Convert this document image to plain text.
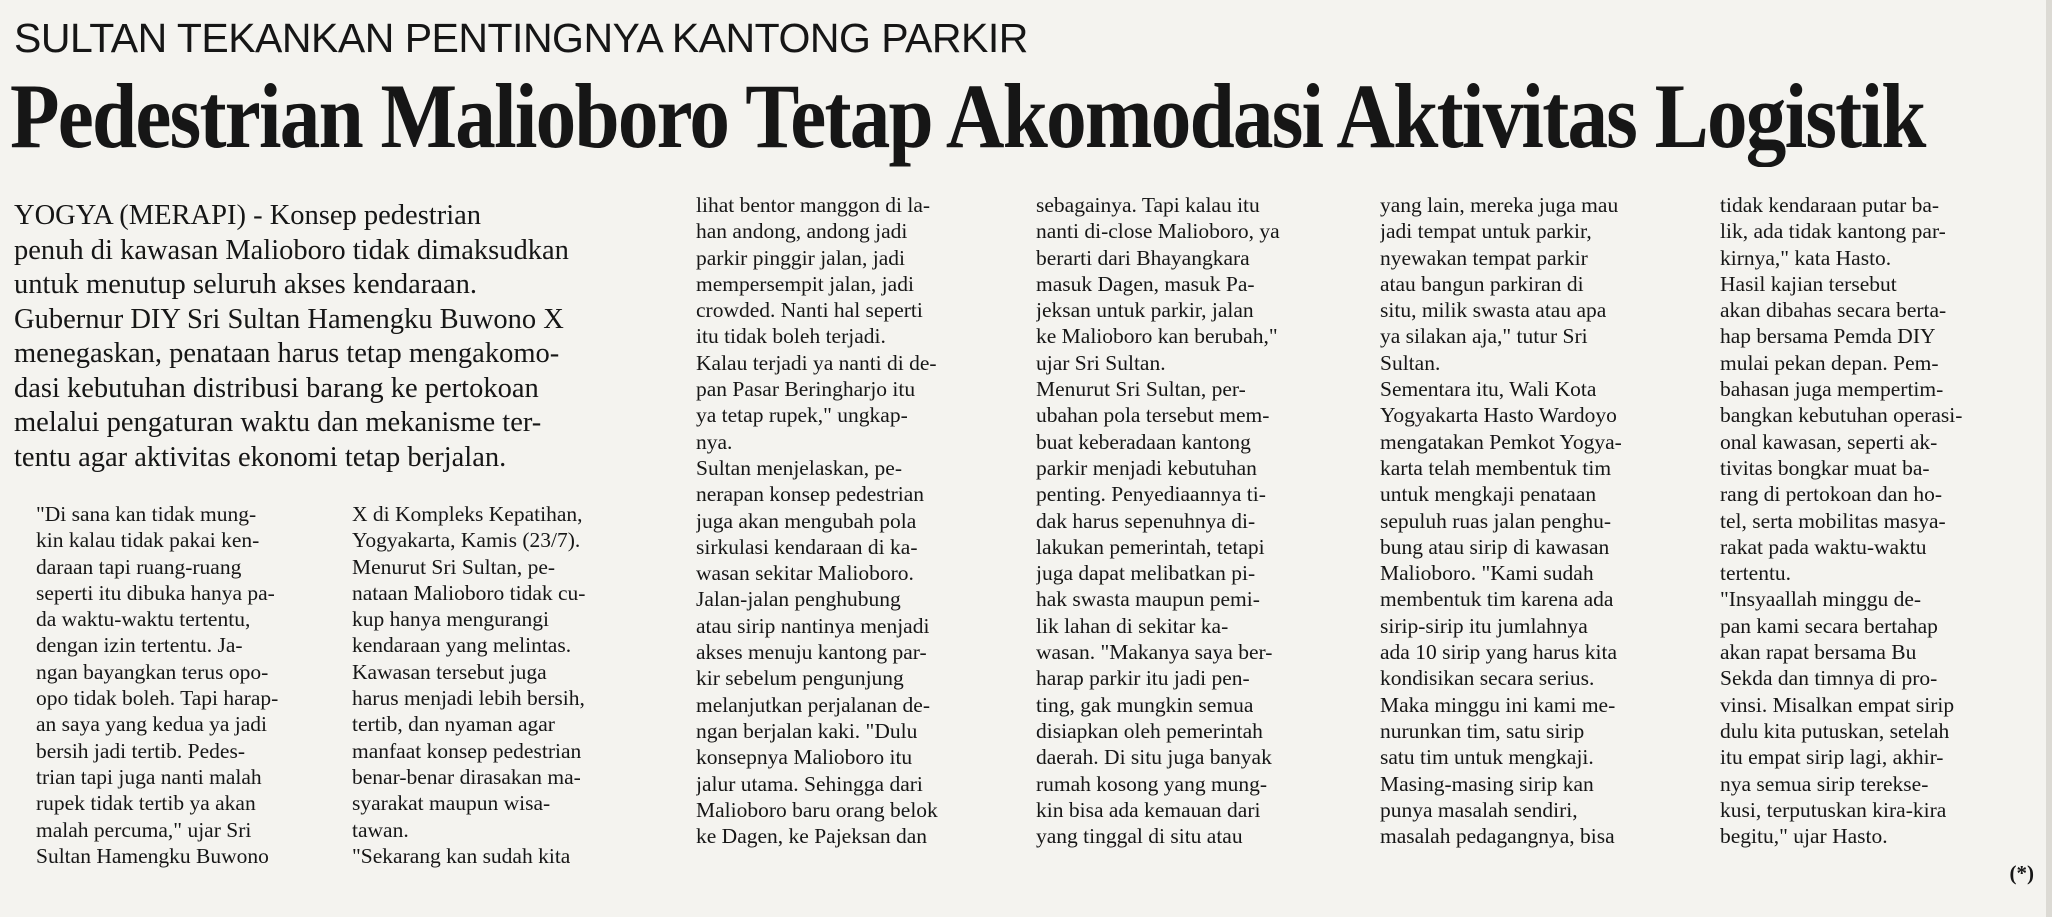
SULTAN TEKANKAN PENTINGNYA KANTONG PARKIR
Pedestrian Malioboro Tetap Akomodasi Aktivitas Logistik
YOGYA (MERAPI) - Konsep pedestrian
penuh di kawasan Malioboro tidak dimaksudkan
untuk menutup seluruh akses kendaraan.
Gubernur DIY Sri Sultan Hamengku Buwono X
menegaskan, penataan harus tetap mengakomo-
dasi kebutuhan distribusi barang ke pertokoan
melalui pengaturan waktu dan mekanisme ter-
tentu agar aktivitas ekonomi tetap berjalan.
"Di sana kan tidak mung-
kin kalau tidak pakai ken-
daraan tapi ruang-ruang
seperti itu dibuka hanya pa-
da waktu-waktu tertentu,
dengan izin tertentu. Ja-
ngan bayangkan terus opo-
opo tidak boleh. Tapi harap-
an saya yang kedua ya jadi
bersih jadi tertib. Pedes-
trian tapi juga nanti malah
rupek tidak tertib ya akan
malah percuma," ujar Sri
Sultan Hamengku Buwono
X di Kompleks Kepatihan,
Yogyakarta, Kamis (23/7).
Menurut Sri Sultan, pe-
nataan Malioboro tidak cu-
kup hanya mengurangi
kendaraan yang melintas.
Kawasan tersebut juga
harus menjadi lebih bersih,
tertib, dan nyaman agar
manfaat konsep pedestrian
benar-benar dirasakan ma-
syarakat maupun wisa-
tawan.
"Sekarang kan sudah kita
lihat bentor manggon di la-
han andong, andong jadi
parkir pinggir jalan, jadi
mempersempit jalan, jadi
crowded. Nanti hal seperti
itu tidak boleh terjadi.
Kalau terjadi ya nanti di de-
pan Pasar Beringharjo itu
ya tetap rupek," ungkap-
nya.
Sultan menjelaskan, pe-
nerapan konsep pedestrian
juga akan mengubah pola
sirkulasi kendaraan di ka-
wasan sekitar Malioboro.
Jalan-jalan penghubung
atau sirip nantinya menjadi
akses menuju kantong par-
kir sebelum pengunjung
melanjutkan perjalanan de-
ngan berjalan kaki. "Dulu
konsepnya Malioboro itu
jalur utama. Sehingga dari
Malioboro baru orang belok
ke Dagen, ke Pajeksan dan
sebagainya. Tapi kalau itu
nanti di-close Malioboro, ya
berarti dari Bhayangkara
masuk Dagen, masuk Pa-
jeksan untuk parkir, jalan
ke Malioboro kan berubah,"
ujar Sri Sultan.
Menurut Sri Sultan, per-
ubahan pola tersebut mem-
buat keberadaan kantong
parkir menjadi kebutuhan
penting. Penyediaannya ti-
dak harus sepenuhnya di-
lakukan pemerintah, tetapi
juga dapat melibatkan pi-
hak swasta maupun pemi-
lik lahan di sekitar ka-
wasan. "Makanya saya ber-
harap parkir itu jadi pen-
ting, gak mungkin semua
disiapkan oleh pemerintah
daerah. Di situ juga banyak
rumah kosong yang mung-
kin bisa ada kemauan dari
yang tinggal di situ atau
yang lain, mereka juga mau
jadi tempat untuk parkir,
nyewakan tempat parkir
atau bangun parkiran di
situ, milik swasta atau apa
ya silakan aja," tutur Sri
Sultan.
Sementara itu, Wali Kota
Yogyakarta Hasto Wardoyo
mengatakan Pemkot Yogya-
karta telah membentuk tim
untuk mengkaji penataan
sepuluh ruas jalan penghu-
bung atau sirip di kawasan
Malioboro. "Kami sudah
membentuk tim karena ada
sirip-sirip itu jumlahnya
ada 10 sirip yang harus kita
kondisikan secara serius.
Maka minggu ini kami me-
nurunkan tim, satu sirip
satu tim untuk mengkaji.
Masing-masing sirip kan
punya masalah sendiri,
masalah pedagangnya, bisa
tidak kendaraan putar ba-
lik, ada tidak kantong par-
kirnya," kata Hasto.
Hasil kajian tersebut
akan dibahas secara berta-
hap bersama Pemda DIY
mulai pekan depan. Pem-
bahasan juga mempertim-
bangkan kebutuhan operasi-
onal kawasan, seperti ak-
tivitas bongkar muat ba-
rang di pertokoan dan ho-
tel, serta mobilitas masya-
rakat pada waktu-waktu
tertentu.
"Insyaallah minggu de-
pan kami secara bertahap
akan rapat bersama Bu
Sekda dan timnya di pro-
vinsi. Misalkan empat sirip
dulu kita putuskan, setelah
itu empat sirip lagi, akhir-
nya semua sirip tereksе-
kusi, terputuskan kira-kira
begitu," ujar Hasto.
(*)
